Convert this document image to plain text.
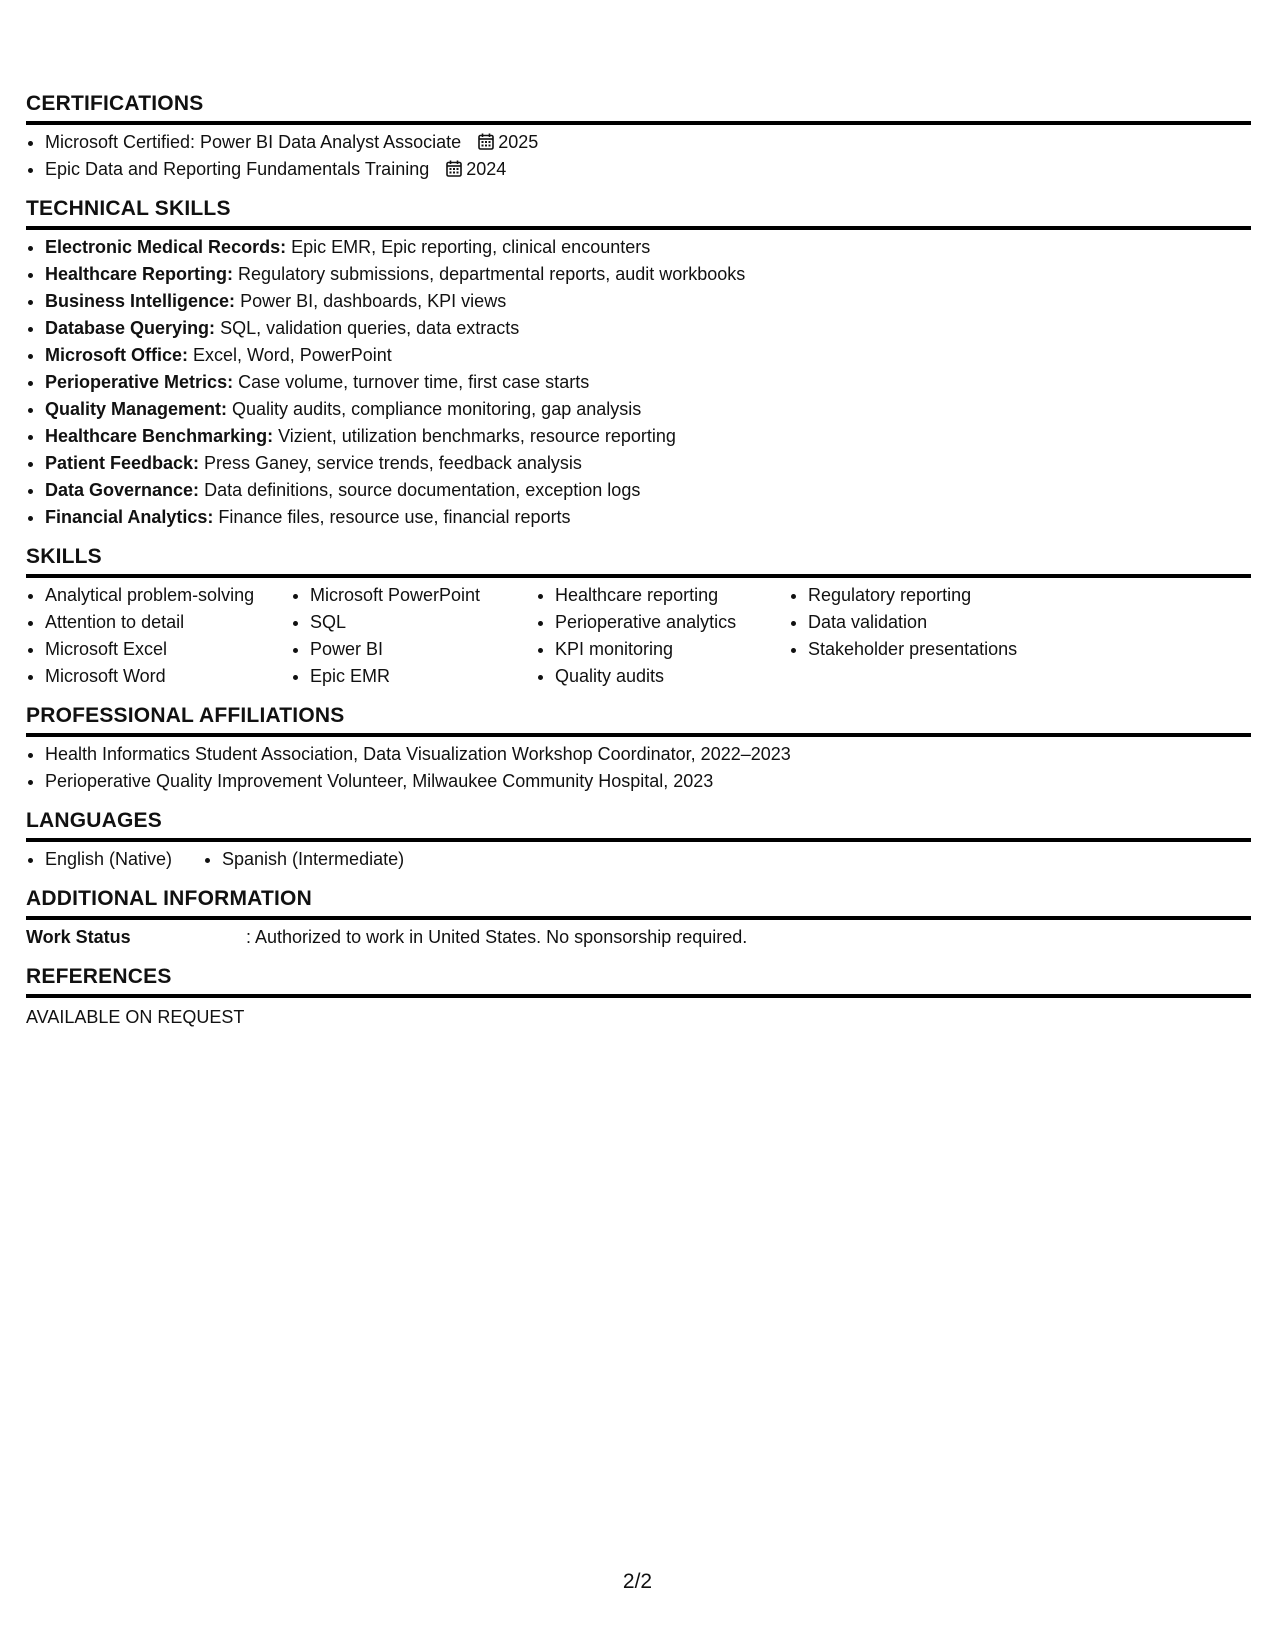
CERTIFICATIONS
• Microsoft Certified: Power BI Data Analyst Associate 2025
• Epic Data and Reporting Fundamentals Training 2024
TECHNICAL SKILLS
• Electronic Medical Records: Epic EMR, Epic reporting, clinical encounters
• Healthcare Reporting: Regulatory submissions, departmental reports, audit workbooks
• Business Intelligence: Power BI, dashboards, KPI views
• Database Querying: SQL, validation queries, data extracts
• Microsoft Office: Excel, Word, PowerPoint
• Perioperative Metrics: Case volume, turnover time, first case starts
• Quality Management: Quality audits, compliance monitoring, gap analysis
• Healthcare Benchmarking: Vizient, utilization benchmarks, resource reporting
• Patient Feedback: Press Ganey, service trends, feedback analysis
• Data Governance: Data definitions, source documentation, exception logs
• Financial Analytics: Finance files, resource use, financial reports
SKILLS
• Analytical problem-solving
• Attention to detail
• Microsoft Excel
• Microsoft Word
• Microsoft PowerPoint
• SQL
• Power BI
• Epic EMR
• Healthcare reporting
• Perioperative analytics
• KPI monitoring
• Quality audits
• Regulatory reporting
• Data validation
• Stakeholder presentations
PROFESSIONAL AFFILIATIONS
• Health Informatics Student Association, Data Visualization Workshop Coordinator, 2022–2023
• Perioperative Quality Improvement Volunteer, Milwaukee Community Hospital, 2023
LANGUAGES
• English (Native)
•	Spanish (Intermediate)
ADDITIONAL INFORMATION
Work Status	: Authorized to work in United States. No sponsorship required.
REFERENCES
AVAILABLE ON REQUEST
2/2
